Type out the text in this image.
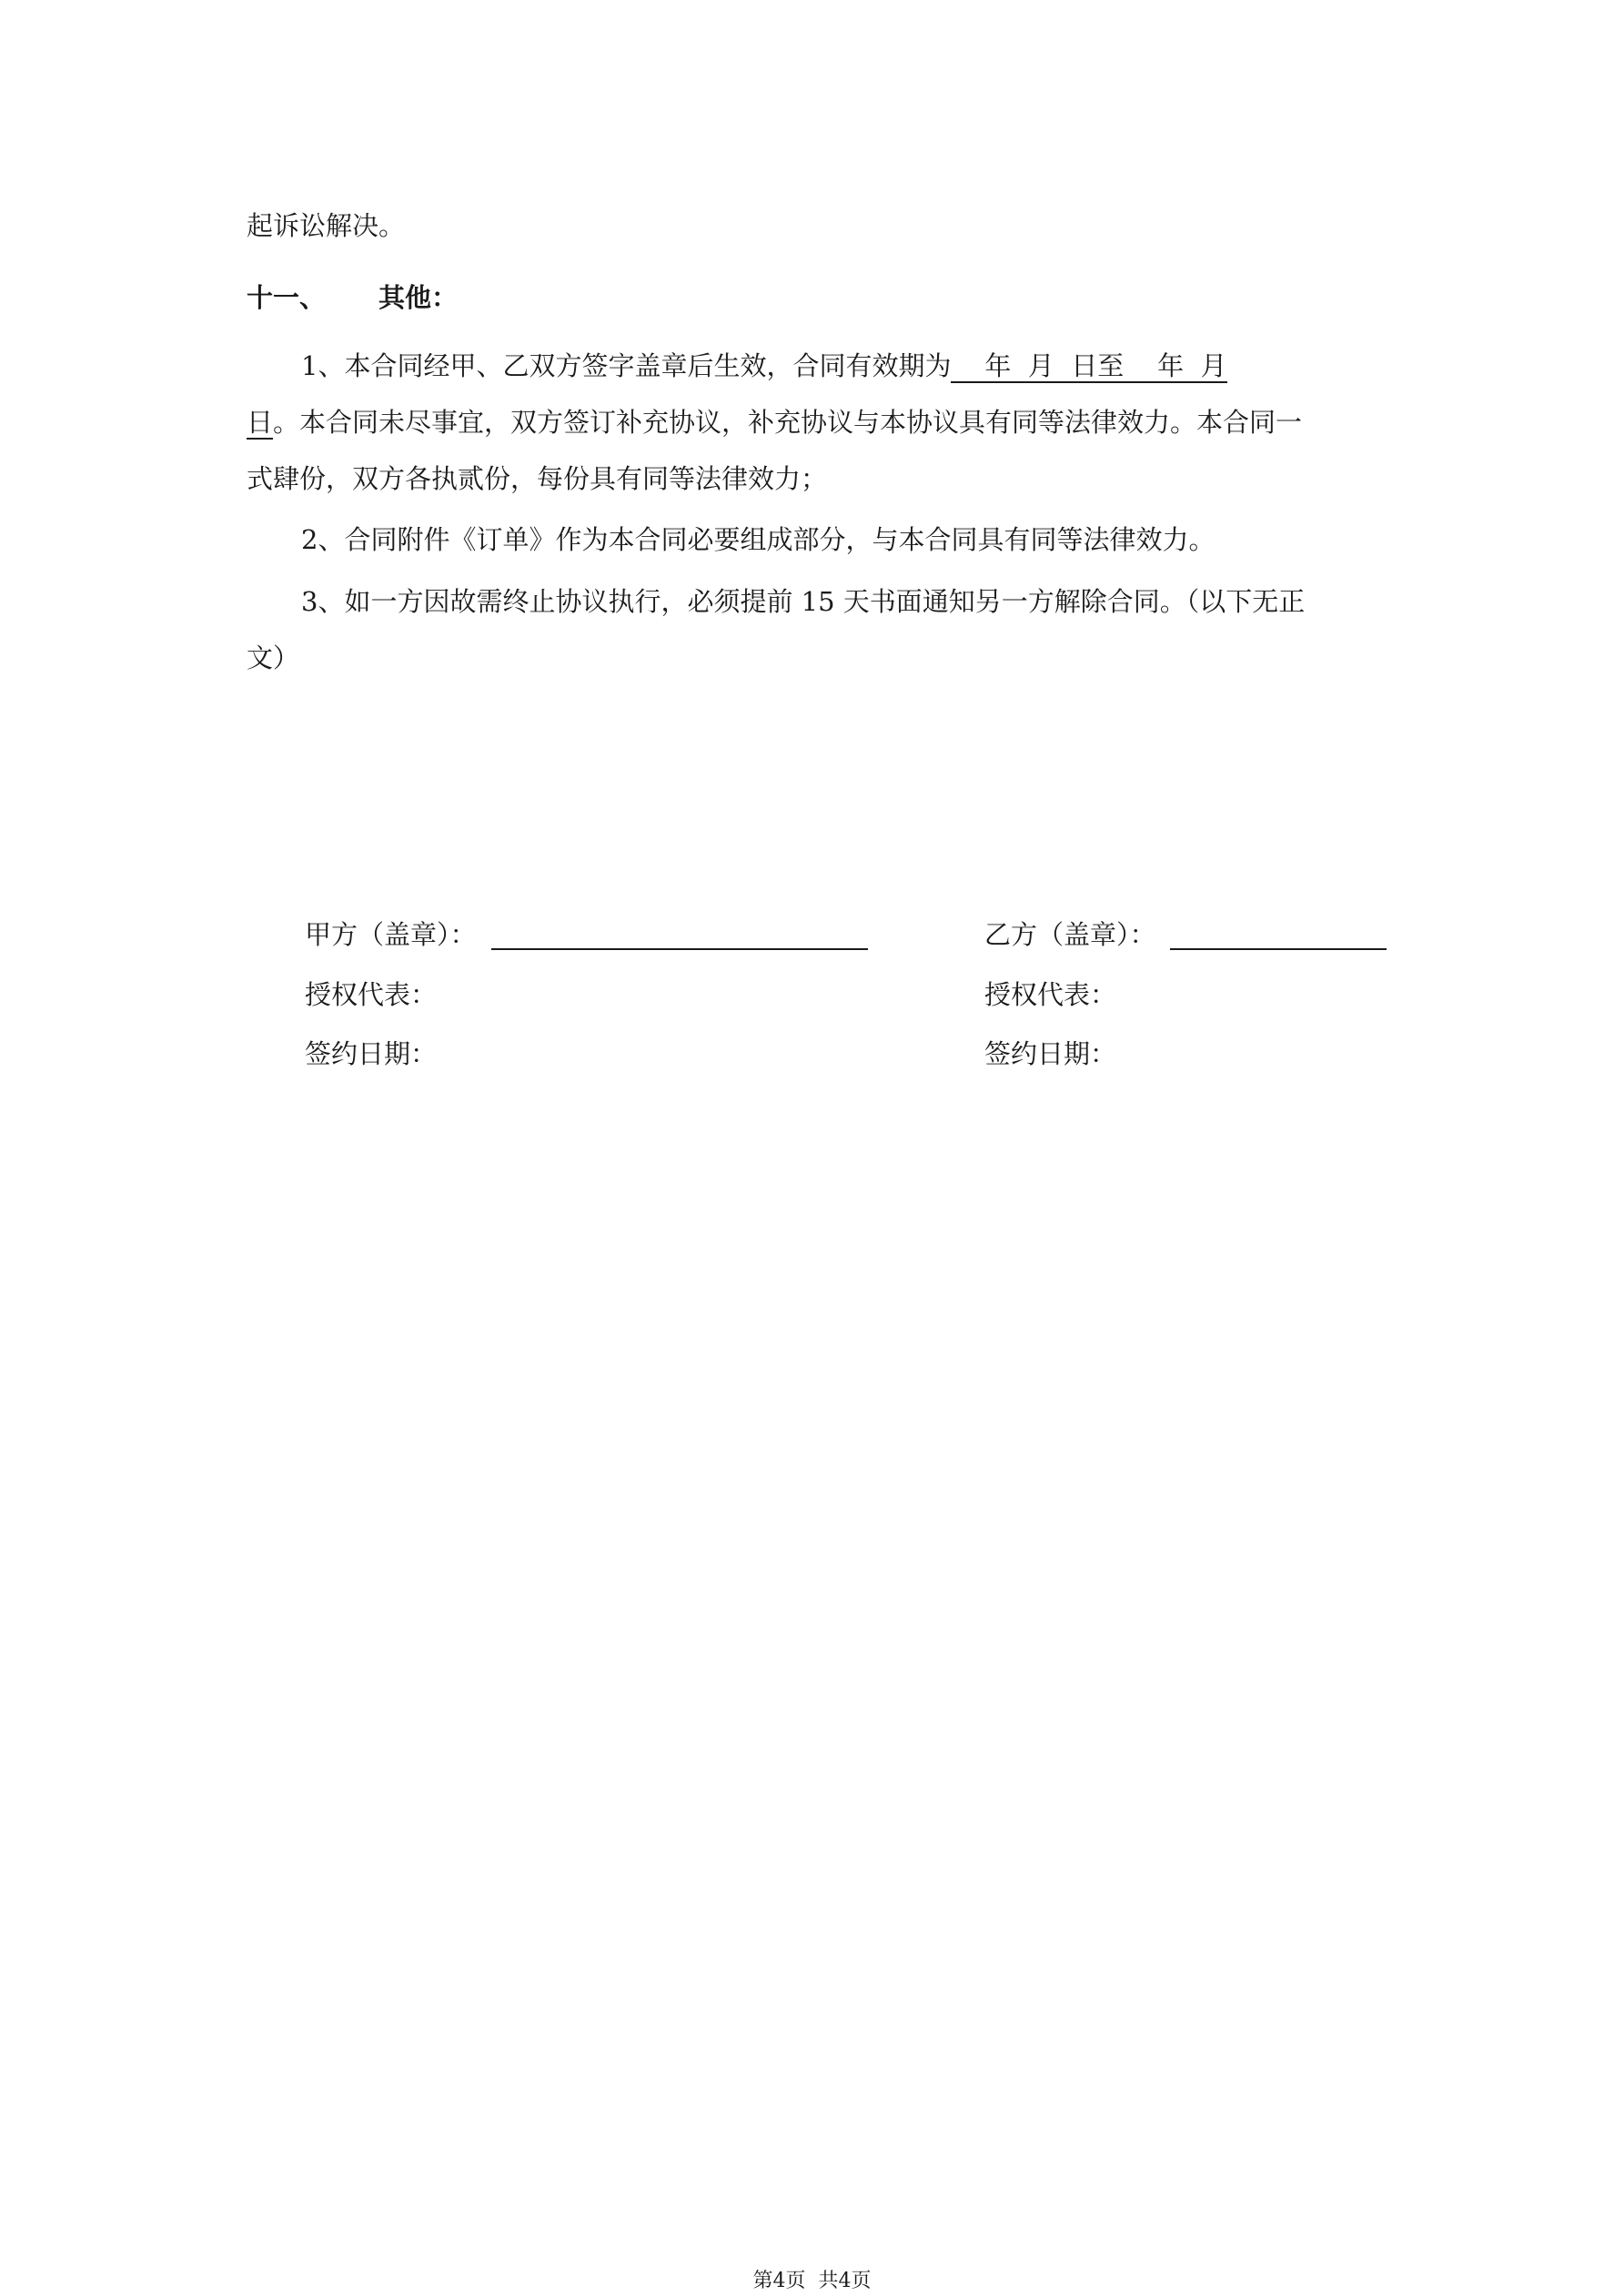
起诉讼解决。
十一、 其他：
1、本合同经甲、乙双方签字盖章后生效，合同有效期为    年  月  日至    年  月
日。本合同未尽事宜，双方签订补充协议，补充协议与本协议具有同等法律效力。本合同一
式肆份，双方各执贰份，每份具有同等法律效力；
2、合同附件《订单》作为本合同必要组成部分，与本合同具有同等法律效力。
3、如一方因故需终止协议执行，必须提前 15 天书面通知另一方解除合同。（以下无正
文）
甲方（盖章）：
授权代表：
签约日期：
乙方（盖章）：
授权代表：
签约日期：
第4页 共4页
